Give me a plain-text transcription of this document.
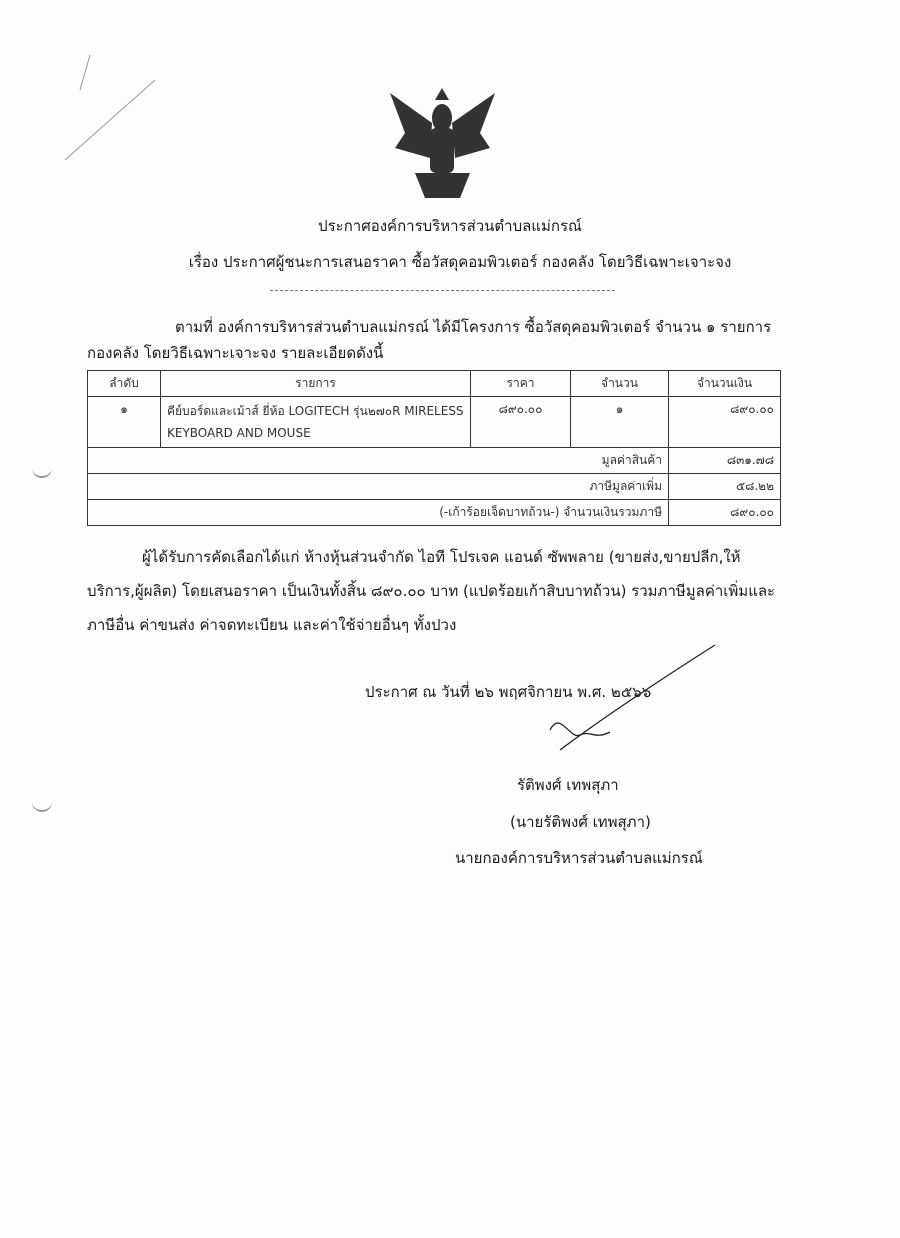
ประกาศองค์การบริหารส่วนตำบลแม่กรณ์
เรื่อง ประกาศผู้ชนะการเสนอราคา ซื้อวัสดุคอมพิวเตอร์ กองคลัง โดยวิธีเฉพาะเจาะจง
ตามที่ องค์การบริหารส่วนตำบลแม่กรณ์ ได้มีโครงการ ซื้อวัสดุคอมพิวเตอร์ จำนวน ๑ รายการ
กองคลัง โดยวิธีเฉพาะเจาะจง รายละเอียดดังนี้
ลำดับ	รายการ	ราคา	จำนวน	จำนวนเงิน
๑	คีย์บอร์ดและเม้าส์ ยี่ห้อ LOGITECH รุ่น๒๗๐R MIRELESS KEYBOARD AND MOUSE	๘๙๐.๐๐	๑	๘๙๐.๐๐
มูลค่าสินค้า				๘๓๑.๗๘
ภาษีมูลค่าเพิ่ม				๕๘.๒๒
(-เก้าร้อยเจ็ดบาทถ้วน-) จำนวนเงินรวมภาษี				๘๙๐.๐๐
ผู้ได้รับการคัดเลือกได้แก่ ห้างหุ้นส่วนจำกัด ไอที โปรเจค แอนด์ ซัพพลาย (ขายส่ง,ขายปลีก,ให้บริการ,ผู้ผลิต) โดยเสนอราคา เป็นเงินทั้งสิ้น ๘๙๐.๐๐ บาท (แปดร้อยเก้าสิบบาทถ้วน) รวมภาษีมูลค่าเพิ่มและภาษีอื่น ค่าขนส่ง ค่าจดทะเบียน และค่าใช้จ่ายอื่นๆ ทั้งปวง
ประกาศ ณ วันที่ ๒๖ พฤศจิกายน พ.ศ. ๒๕๖๖
รัติพงศ์ เทพสุภา
(นายรัติพงศ์ เทพสุภา)
นายกองค์การบริหารส่วนตำบลแม่กรณ์
